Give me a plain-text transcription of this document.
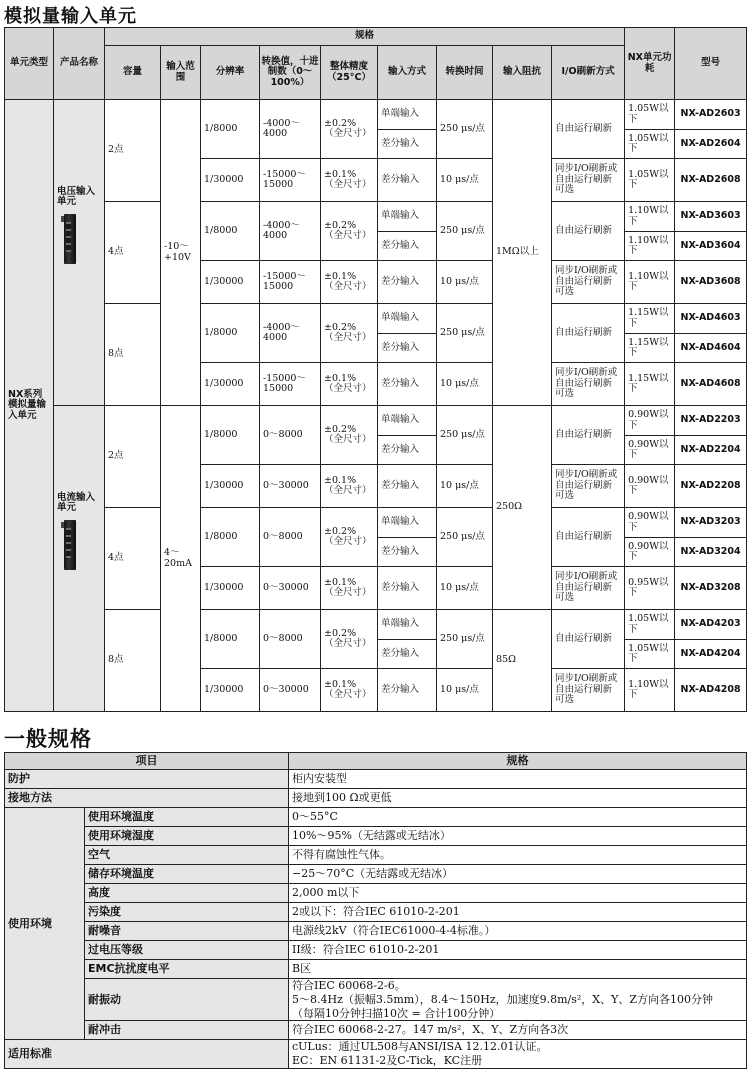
模拟量输入单元
单元类型	产品名称	规格									NX单元功耗	型号
		容量	输入范围	分辨率	转换值，十进制数（0～100%）	整体精度（25°C）	输入方式	转换时间	输入阻抗	I/O刷新方式		
NX系列模拟量输入单元	电压输入单元	2点	-10～+10V	1/8000	-4000～4000	±0.2%（全尺寸）	单端输入	250 μs/点	1MΩ以上	自由运行刷新	1.05W以下	NX-AD2603
							差分输入				1.05W以下	NX-AD2604
				1/30000	-15000～15000	±0.1%（全尺寸）	差分输入	10 μs/点		同步I/O刷新或自由运行刷新可选	1.05W以下	NX-AD2608
		4点		1/8000	-4000～4000	±0.2%（全尺寸）	单端输入	250 μs/点		自由运行刷新	1.10W以下	NX-AD3603
							差分输入				1.10W以下	NX-AD3604
				1/30000	-15000～15000	±0.1%（全尺寸）	差分输入	10 μs/点		同步I/O刷新或自由运行刷新可选	1.10W以下	NX-AD3608
		8点		1/8000	-4000～4000	±0.2%（全尺寸）	单端输入	250 μs/点		自由运行刷新	1.15W以下	NX-AD4603
							差分输入				1.15W以下	NX-AD4604
				1/30000	-15000～15000	±0.1%（全尺寸）	差分输入	10 μs/点		同步I/O刷新或自由运行刷新可选	1.15W以下	NX-AD4608

	电流输入单元	2点	4～20mA	1/8000	0～8000	±0.2%（全尺寸）	单端输入	250 μs/点	250Ω	自由运行刷新	0.90W以下	NX-AD2203
							差分输入				0.90W以下	NX-AD2204
				1/30000	0～30000	±0.1%（全尺寸）	差分输入	10 μs/点		同步I/O刷新或自由运行刷新可选	0.90W以下	NX-AD2208
		4点		1/8000	0～8000	±0.2%（全尺寸）	单端输入	250 μs/点		自由运行刷新	0.90W以下	NX-AD3203
							差分输入				0.90W以下	NX-AD3204
				1/30000	0～30000	±0.1%（全尺寸）	差分输入	10 μs/点		同步I/O刷新或自由运行刷新可选	0.95W以下	NX-AD3208
		8点		1/8000	0～8000	±0.2%（全尺寸）	单端输入	250 μs/点	85Ω	自由运行刷新	1.05W以下	NX-AD4203
							差分输入				1.05W以下	NX-AD4204
				1/30000	0～30000	±0.1%（全尺寸）	差分输入	10 μs/点		同步I/O刷新或自由运行刷新可选	1.10W以下	NX-AD4208
一般规格
项目		规格
防护		柜内安装型
接地方法		接地到100 Ω或更低
使用环境	使用环境温度	0～55°C
	使用环境湿度	10%～95%（无结露或无结冰）
	空气	不得有腐蚀性气体。
	储存环境温度	−25～70°C（无结露或无结冰）
	高度	2,000 m以下
	污染度	2或以下：符合IEC 61010-2-201
	耐噪音	电源线2kV（符合IEC61000-4-4标准。）
	过电压等级	II级：符合IEC 61010-2-201
	EMC抗扰度电平	B区
	耐振动	符合IEC 60068-2-6。
5～8.4Hz（振幅3.5mm），8.4～150Hz，加速度9.8m/s²，X、Y、Z方向各100分钟
（每隔10分钟扫描10次 = 合计100分钟）

	耐冲击	符合IEC 60068-2-27。147 m/s²，X、Y、Z方向各3次
适用标准		cULus：通过UL508与ANSI/ISA 12.12.01认证。
EC：EN 61131-2及C-Tick，KC注册
